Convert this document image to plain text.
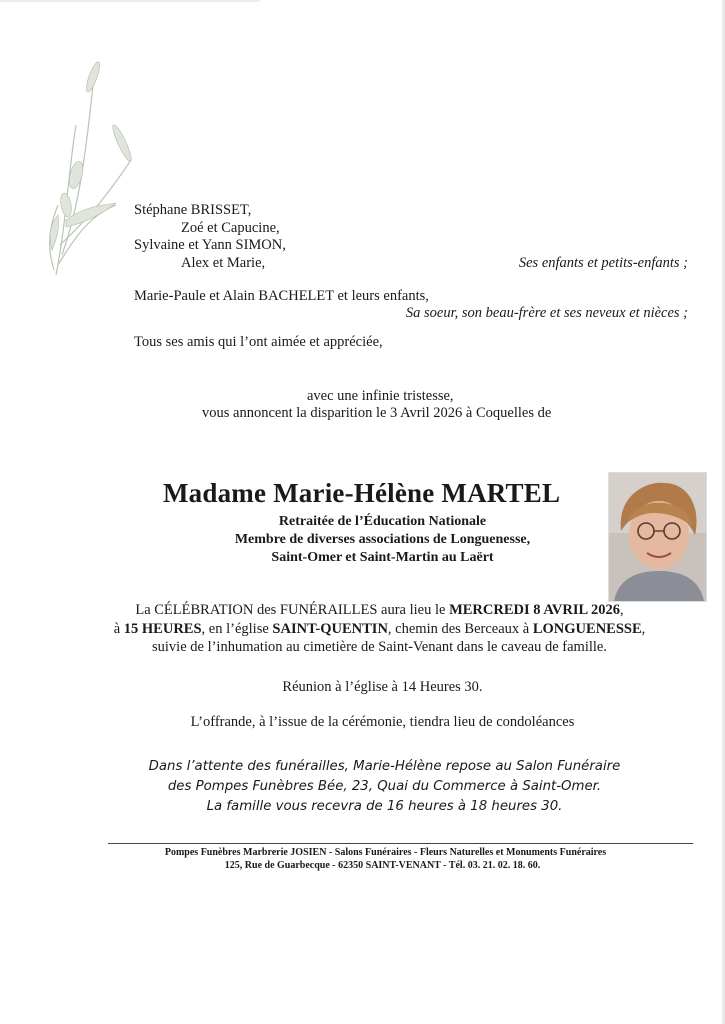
Stéphane BRISSET,
Zoé et Capucine,
Sylvaine et Yann SIMON,
Alex et Marie,	Ses enfants et petits-enfants ;
Marie-Paule et Alain BACHELET et leurs enfants,
Sa soeur, son beau-frère et ses neveux et nièces ;
Tous ses amis qui l’ont aimée et appréciée,
avec une infinie tristesse,
vous annoncent la disparition le 3 Avril 2026 à Coquelles de
Madame Marie-Hélène MARTEL
Retraitée de l’Éducation Nationale
Membre de diverses associations de Longuenesse,
Saint-Omer et Saint-Martin au Laërt
La CÉLÉBRATION des FUNÉRAILLES aura lieu le MERCREDI 8 AVRIL 2026,
à 15 HEURES, en l’église SAINT-QUENTIN, chemin des Berceaux à LONGUENESSE,
suivie de l’inhumation au cimetière de Saint-Venant dans le caveau de famille.
Réunion à l’église à 14 Heures 30.
L’offrande, à l’issue de la cérémonie, tiendra lieu de condoléances
Dans l’attente des funérailles, Marie-Hélène repose au Salon Funéraire
des Pompes Funèbres Bée, 23, Quai du Commerce à Saint-Omer.
La famille vous recevra de 16 heures à 18 heures 30.
Pompes Funèbres Marbrerie JOSIEN - Salons Funéraires - Fleurs Naturelles et Monuments Funéraires
125, Rue de Guarbecque - 62350 SAINT-VENANT - Tél. 03. 21. 02. 18. 60.
